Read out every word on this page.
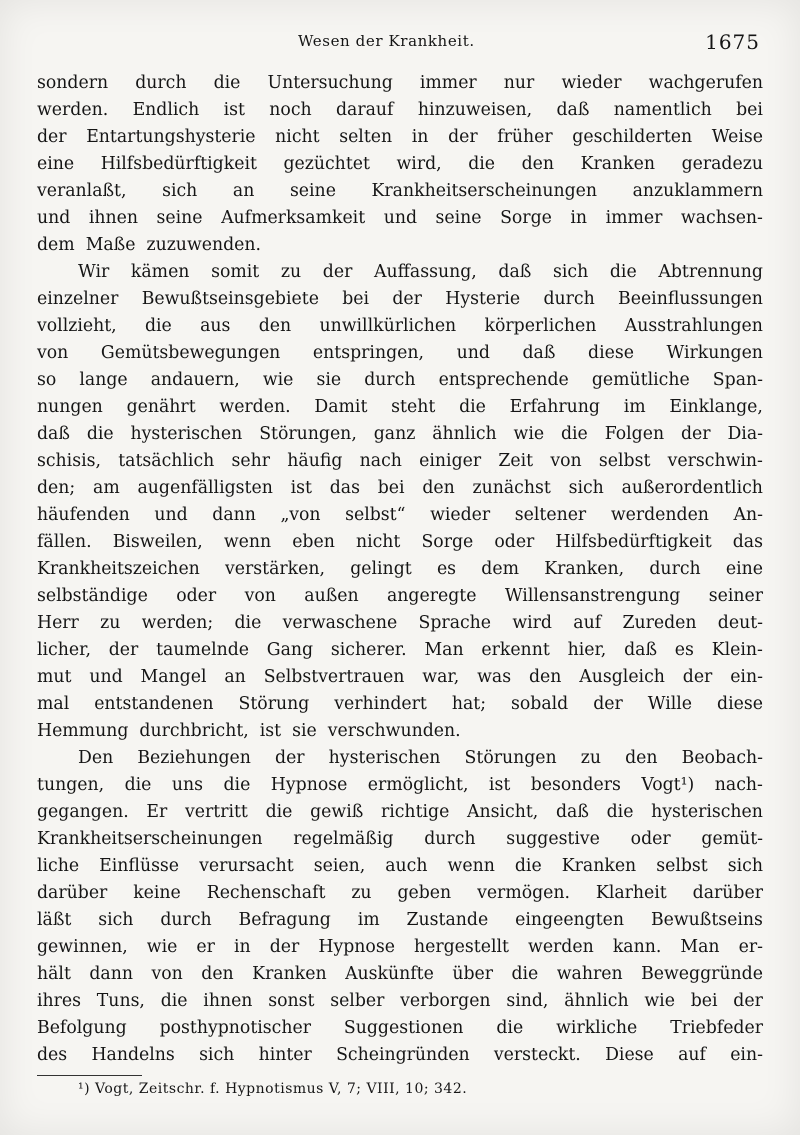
Wesen der Krankheit.	1675
sondern durch die Untersuchung immer nur wieder wachgerufen
werden. Endlich ist noch darauf hinzuweisen, daß namentlich bei
der Entartungshysterie nicht selten in der früher geschilderten Weise
eine Hilfsbedürftigkeit gezüchtet wird, die den Kranken geradezu
veranlaßt, sich an seine Krankheitserscheinungen anzuklammern
und ihnen seine Aufmerksamkeit und seine Sorge in immer wachsen-
dem Maße zuzuwenden.
Wir kämen somit zu der Auffassung, daß sich die Abtrennung
einzelner Bewußtseinsgebiete bei der Hysterie durch Beeinflussungen
vollzieht, die aus den unwillkürlichen körperlichen Ausstrahlungen
von Gemütsbewegungen entspringen, und daß diese Wirkungen
so lange andauern, wie sie durch entsprechende gemütliche Span-
nungen genährt werden. Damit steht die Erfahrung im Einklange,
daß die hysterischen Störungen, ganz ähnlich wie die Folgen der Dia-
schisis, tatsächlich sehr häufig nach einiger Zeit von selbst verschwin-
den; am augenfälligsten ist das bei den zunächst sich außerordentlich
häufenden und dann „von selbst“ wieder seltener werdenden An-
fällen. Bisweilen, wenn eben nicht Sorge oder Hilfsbedürftigkeit das
Krankheitszeichen verstärken, gelingt es dem Kranken, durch eine
selbständige oder von außen angeregte Willensanstrengung seiner
Herr zu werden; die verwaschene Sprache wird auf Zureden deut-
licher, der taumelnde Gang sicherer. Man erkennt hier, daß es Klein-
mut und Mangel an Selbstvertrauen war, was den Ausgleich der ein-
mal entstandenen Störung verhindert hat; sobald der Wille diese
Hemmung durchbricht, ist sie verschwunden.
Den Beziehungen der hysterischen Störungen zu den Beobach-
tungen, die uns die Hypnose ermöglicht, ist besonders Vogt¹) nach-
gegangen. Er vertritt die gewiß richtige Ansicht, daß die hysterischen
Krankheitserscheinungen regelmäßig durch suggestive oder gemüt-
liche Einflüsse verursacht seien, auch wenn die Kranken selbst sich
darüber keine Rechenschaft zu geben vermögen. Klarheit darüber
läßt sich durch Befragung im Zustande eingeengten Bewußtseins
gewinnen, wie er in der Hypnose hergestellt werden kann. Man er-
hält dann von den Kranken Auskünfte über die wahren Beweggründe
ihres Tuns, die ihnen sonst selber verborgen sind, ähnlich wie bei der
Befolgung posthypnotischer Suggestionen die wirkliche Triebfeder
des Handelns sich hinter Scheingründen versteckt. Diese auf ein-
¹) Vogt, Zeitschr. f. Hypnotismus V, 7; VIII, 10; 342.
